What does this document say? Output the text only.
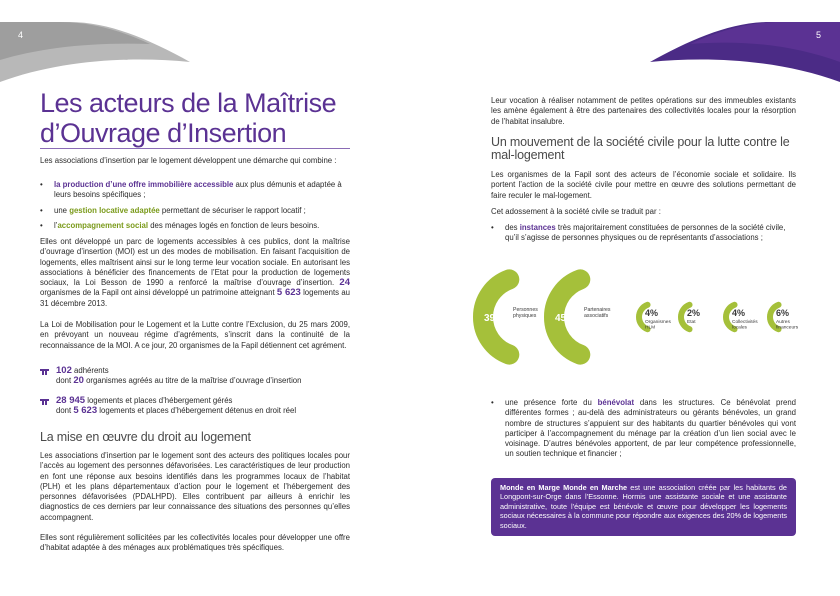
4
Les acteurs de la Maîtrise d’Ouvrage d’Insertion
Les associations d’insertion par le logement développent une démarche qui combine :
•	la production d’une offre immobilière accessible aux plus démunis et adaptée à leurs besoins spécifiques ;
•	une gestion locative adaptée permettant de sécuriser le rapport locatif ;
•	l’accompagnement social des ménages logés en fonction de leurs besoins.
Elles ont développé un parc de logements accessibles à ces publics, dont la maîtrise d’ouvrage d’insertion (MOI) est un des modes de mobilisation. En faisant l’acquisition de logements, elles maîtrisent ainsi sur le long terme leur vocation sociale. En autorisant les associations à bénéficier des financements de l’Etat pour la production de logements sociaux, la Loi Besson de 1990 a renforcé la maîtrise d’ouvrage d’insertion. 24 organismes de la Fapil ont ainsi développé un patrimoine atteignant 5 623 logements au 31 décembre 2013.
La Loi de Mobilisation pour le Logement et la Lutte contre l’Exclusion, du 25 mars 2009, en prévoyant un nouveau régime d’agréments, s’inscrit dans la continuité de la reconnaissance de la MOI. A ce jour, 20 organismes de la Fapil détiennent cet agrément.
102 adhérents
dont 20 organismes agréés au titre de la maîtrise d’ouvrage d’insertion
28 945 logements et places d’hébergement gérés
dont 5 623 logements et places d’hébergement détenus en droit réel
La mise en œuvre du droit au logement
Les associations d’insertion par le logement sont des acteurs des politiques locales pour l’accès au logement des personnes défavorisées. Les caractéristiques de leur production en font une réponse aux besoins identifiés dans les programmes locaux de l’habitat (PLH) et les plans départementaux d’action pour le logement et l’hébergement des personnes défavorisées (PDALHPD). Elles contribuent par ailleurs à enrichir les diagnostics de ces derniers par leur connaissance des situations des personnes qu’elles accompagnent.
Elles sont régulièrement sollicitées par les collectivités locales pour développer une offre d’habitat adaptée à des ménages aux problématiques très spécifiques.
5
Leur vocation à réaliser notamment de petites opérations sur des immeubles existants les amène également à être des partenaires des collectivités locales pour la résorption de l’habitat insalubre.
Un mouvement de la société civile pour la lutte contre le mal-logement
Les organismes de la Fapil sont des acteurs de l’économie sociale et solidaire. Ils portent l’action de la société civile pour mettre en œuvre des solutions permettant de faire reculer le mal-logement.
Cet adossement à la société civile se traduit par :
•	des instances très majoritairement constituées de personnes de la société civile, qu’il s’agisse de personnes physiques ou de représentants d’associations ;
39%
Personnes
physiques 45%
Partenaires
associatifs	4%
Organismes
HLM
2%
Etat
4%
Collectivités
locales
6%
Autres
financeurs
•	une présence forte du bénévolat dans les structures. Ce bénévolat prend différentes formes ; au-delà des administrateurs ou gérants bénévoles, un grand nombre de structures s’appuient sur des habitants du quartier bénévoles qui vont participer à l’accompagnement du ménage par la création d’un lien social avec le voisinage. D’autres bénévoles apportent, de par leur compétence professionnelle, un soutien technique et financier ;
Monde en Marge Monde en Marche est une association créée par les habitants de Longpont-sur-Orge dans l’Essonne. Hormis une assistante sociale et une assistante administrative, toute l’équipe est bénévole et œuvre pour développer les logements sociaux nécessaires à la commune pour répondre aux exigences des 20% de logements sociaux.
